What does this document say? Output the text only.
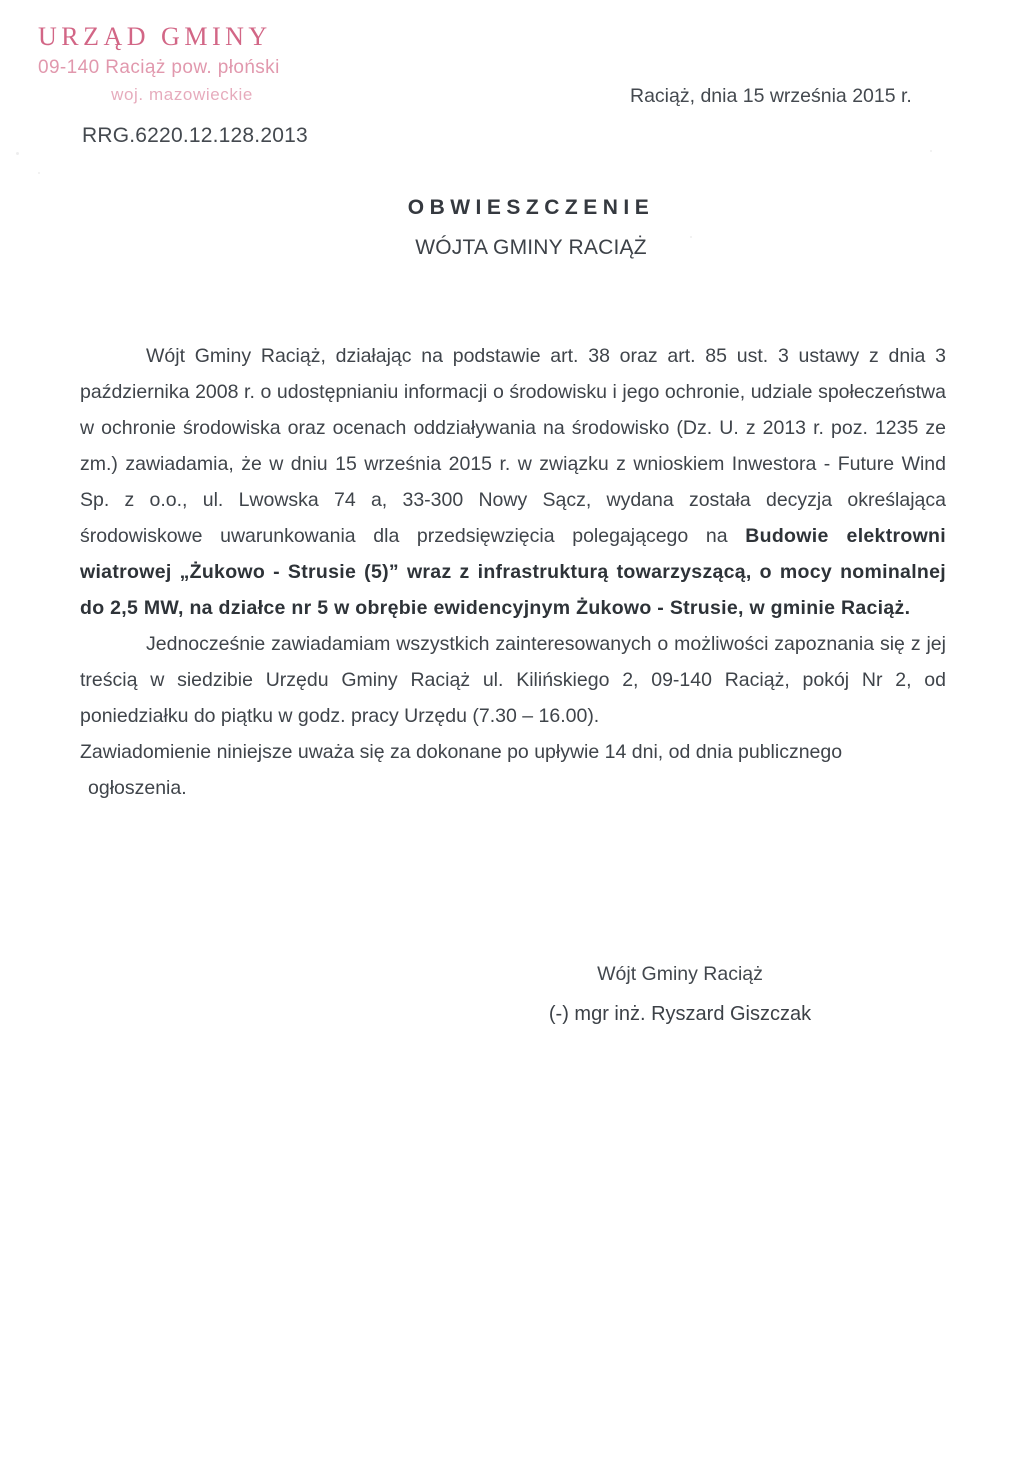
URZĄD GMINY
09-140 Raciąż pow. płoński
woj. mazowieckie
RRG.6220.12.128.2013
Raciąż, dnia 15 września 2015 r.
OBWIESZCZENIE
WÓJTA GMINY RACIĄŻ

Wójt Gminy Raciąż, działając na podstawie art. 38 oraz art. 85 ust. 3 ustawy z dnia 3 października 2008 r. o udostępnianiu informacji o środowisku i jego ochronie, udziale społeczeństwa w ochronie środowiska oraz ocenach oddziaływania na środowisko (Dz. U. z 2013 r. poz. 1235 ze zm.) zawiadamia, że w dniu 15 września 2015 r. w związku z wnioskiem Inwestora - Future Wind Sp. z o.o., ul. Lwowska 74 a, 33-300 Nowy Sącz, wydana została decyzja określająca środowiskowe uwarunkowania dla przedsięwzięcia polegającego na Budowie elektrowni wiatrowej „Żukowo - Strusie (5)” wraz z infrastrukturą towarzyszącą, o mocy nominalnej do 2,5 MW, na działce nr 5 w obrębie ewidencyjnym Żukowo - Strusie, w gminie Raciąż.

Jednocześnie zawiadamiam wszystkich zainteresowanych o możliwości zapoznania się z jej treścią w siedzibie Urzędu Gminy Raciąż ul. Kilińskiego 2, 09-140 Raciąż, pokój Nr 2, od poniedziałku do piątku w godz. pracy Urzędu (7.30 – 16.00).

Zawiadomienie niniejsze uważa się za dokonane po upływie 14 dni, od dnia publicznego

ogłoszenia.
Wójt Gminy Raciąż
(-) mgr inż. Ryszard Giszczak
